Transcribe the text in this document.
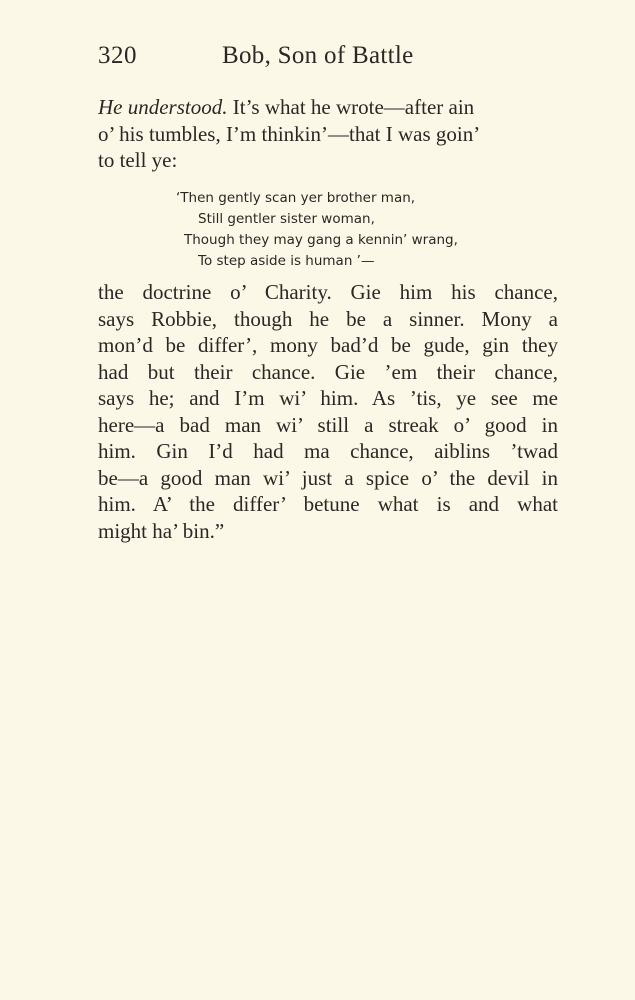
320	Bob, Son of Battle
He understood. It’s what he wrote—after ain
o’ his tumbles, I’m thinkin’—that I was goin’
to tell ye:
‘Then gently scan yer brother man,
Still gentler sister woman,
Though they may gang a kennin’ wrang,
To step aside is human ’—
the doctrine o’ Charity. Gie him his chance,
says Robbie, though he be a sinner. Mony a
mon’d be differ’, mony bad’d be gude, gin they
had but their chance. Gie ’em their chance,
says he; and I’m wi’ him. As ’tis, ye see me
here—a bad man wi’ still a streak o’ good in
him. Gin I’d had ma chance, aiblins ’twad
be—a good man wi’ just a spice o’ the devil in
him. A’ the differ’ betune what is and what
might ha’ bin.”
